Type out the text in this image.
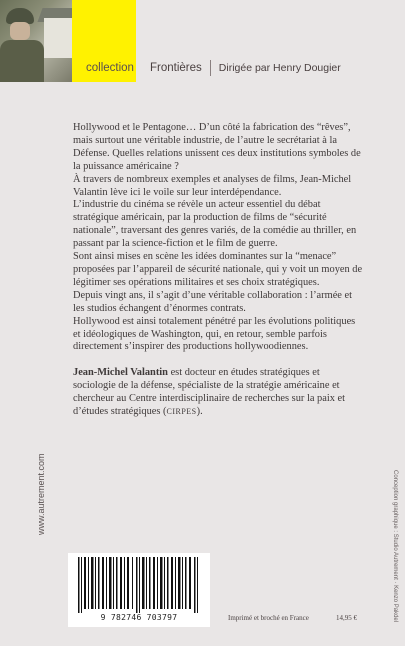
collection	Frontières Dirigée par Henry Dougier

Hollywood et le Pentagone… D’un côté la fabrication des “rêves”, mais surtout une véritable industrie, de l’autre le secrétariat à la Défense. Quelles relations unissent ces deux institutions symboles de la puissance américaine ?

À travers de nombreux exemples et analyses de films, Jean-Michel Valantin lève ici le voile sur leur interdépendance.

L’industrie du cinéma se révèle un acteur essentiel du débat stratégique américain, par la production de films de “sécurité nationale”, traversant des genres variés, de la comédie au thriller, en passant par la science-fiction et le film de guerre.

Sont ainsi mises en scène les idées dominantes sur la “menace” proposées par l’appareil de sécurité nationale, qui y voit un moyen de légitimer ses opérations militaires et ses choix stratégiques.

Depuis vingt ans, il s’agit d’une véritable collaboration : l’armée et les studios échangent d’énormes contrats.

Hollywood est ainsi totalement pénétré par les évolutions politiques et idéologiques de Washington, qui, en retour, semble parfois directement s’inspirer des productions hollywoodiennes.

Jean-Michel Valantin est docteur en études stratégiques et sociologie de la défense, spécialiste de la stratégie américaine et chercheur au Centre interdisciplinaire de recherches sur la paix et d’études stratégiques (CIRPES).

www.autrement.com	Conception graphique : Studio Autrement · Kenzo Pakdel
9 782746 703797	Imprimé et broché en France	14,95 €
